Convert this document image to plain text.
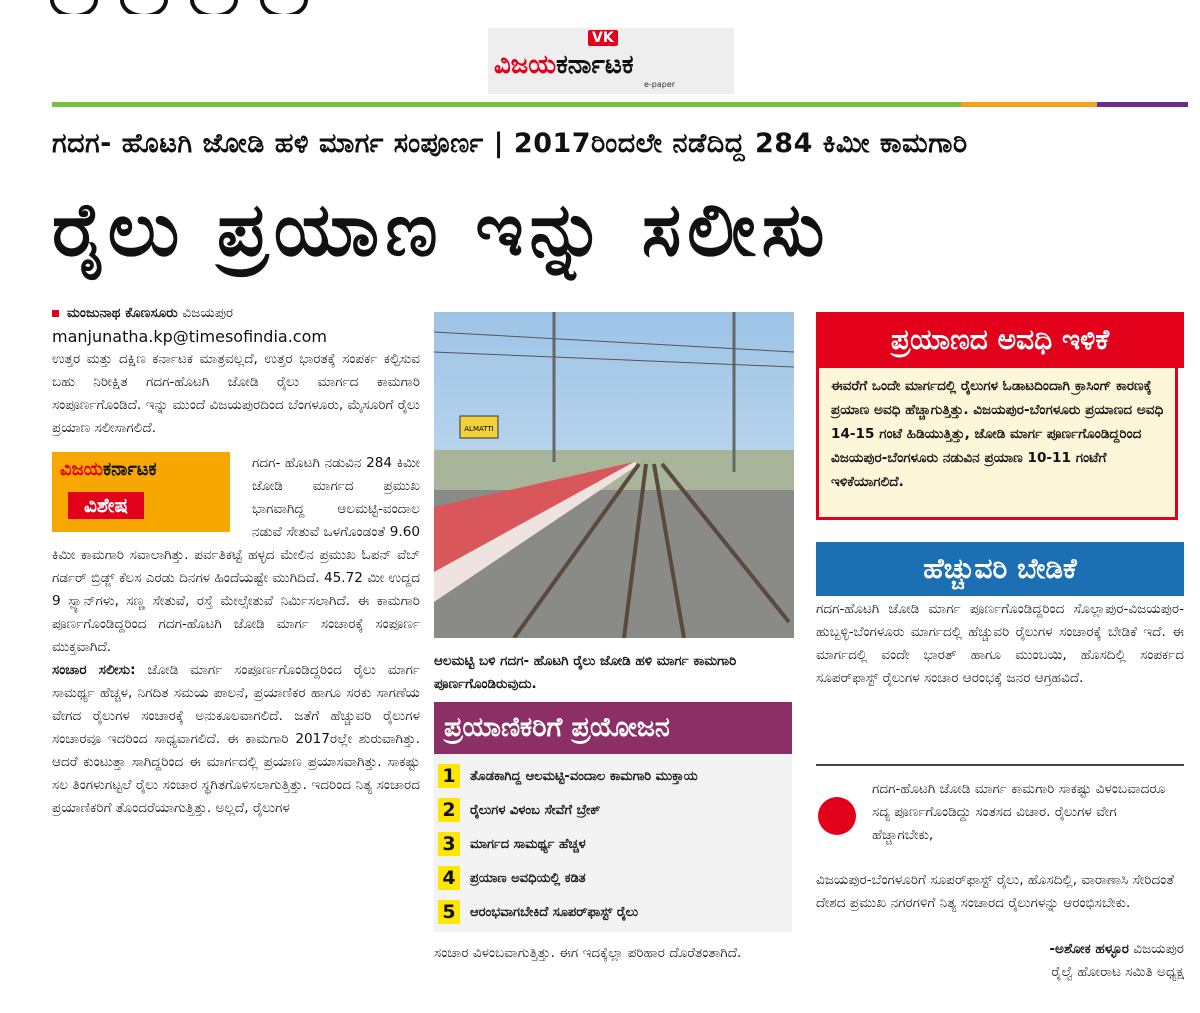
VK
ವಿಜಯಕರ್ನಾಟಕ
e-paper
ಗದಗ- ಹೊಟಗಿ ಜೋಡಿ ಹಳಿ ಮಾರ್ಗ ಸಂಪೂರ್ಣ | 2017ರಿಂದಲೇ ನಡೆದಿದ್ದ 284 ಕಿಮೀ ಕಾಮಗಾರಿ
ರೈಲು ಪ್ರಯಾಣ ಇನ್ನು ಸಲೀಸು
ಮಂಜುನಾಥ ಕೊಣಸೂರು ವಿಜಯಪುರ
manjunatha.kp@timesofindia.com

ಉತ್ತರ ಮತ್ತು ದಕ್ಷಿಣ ಕರ್ನಾಟಕ ಮಾತ್ರವಲ್ಲದೆ, ಉತ್ತರ ಭಾರತಕ್ಕೆ ಸಂಪರ್ಕ ಕಲ್ಪಿಸುವ ಬಹು ನಿರೀಕ್ಷಿತ ಗದಗ-ಹೊಟಗಿ ಜೋಡಿ ರೈಲು ಮಾರ್ಗದ ಕಾಮಗಾರಿ ಸಂಪೂರ್ಣಗೊಂಡಿದೆ. ಇನ್ನು ಮುಂದೆ ವಿಜಯಪುರದಿಂದ ಬೆಂಗಳೂರು, ಮೈಸೂರಿಗೆ ರೈಲು ಪ್ರಯಾಣ ಸಲೀಸಾಗಲಿದೆ.

ವಿಜಯಕರ್ನಾಟಕ
ವಿಶೇಷ

ಗದಗ- ಹೊಟಗಿ ನಡುವಿನ 284 ಕಿಮೀ ಜೋಡಿ ಮಾರ್ಗದ ಪ್ರಮುಖ ಭಾಗವಾಗಿದ್ದ ಆಲಮಟ್ಟಿ-ವಂದಾಲ ನಡುವೆ ಸೇತುವೆ ಒಳಗೊಂಡಂತೆ 9.60 ಕಿಮೀ ಕಾಮಗಾರಿ ಸವಾಲಾಗಿತ್ತು. ಪರ್ವತಿಕಟ್ಟೆ ಹಳ್ಳದ ಮೇಲಿನ ಪ್ರಮುಖ ಓಪನ್ ವೆಬ್ ಗರ್ಡರ್ ಬ್ರಿಡ್ಜ್ ಕೆಲಸ ಎರಡು ದಿನಗಳ ಹಿಂದೆಯಷ್ಟೇ ಮುಗಿದಿದೆ. 45.72 ಮೀ ಉದ್ದದ 9 ಸ್ಪ್ಯಾನ್‌ಗಳು, ಸಣ್ಣ ಸೇತುವೆ, ರಸ್ತೆ ಮೇಲ್ಸೇತುವೆ ನಿರ್ಮಿಸಲಾಗಿದೆ. ಈ ಕಾಮಗಾರಿ ಪೂರ್ಣಗೊಂಡಿದ್ದರಿಂದ ಗದಗ-ಹೊಟಗಿ ಜೋಡಿ ಮಾರ್ಗ ಸಂಚಾರಕ್ಕೆ ಸಂಪೂರ್ಣ ಮುಕ್ತವಾಗಿದೆ.

ಸಂಚಾರ ಸಲೀಸು: ಜೋಡಿ ಮಾರ್ಗ ಸಂಪೂರ್ಣಗೊಂಡಿದ್ದರಿಂದ ರೈಲು ಮಾರ್ಗ ಸಾಮರ್ಥ್ಯ ಹೆಚ್ಚಳ, ನಿಗದಿತ ಸಮಯ ಪಾಲನೆ, ಪ್ರಯಾಣಿಕರ ಹಾಗೂ ಸರಕು ಸಾಗಣೆಯ ವೇಗದ ರೈಲುಗಳ ಸಂಚಾರಕ್ಕೆ ಅನುಕೂಲವಾಗಲಿದೆ. ಜತೆಗೆ ಹೆಚ್ಚುವರಿ ರೈಲುಗಳ ಸಂಚಾರವೂ ಇದರಿಂದ ಸಾಧ್ಯವಾಗಲಿದೆ. ಈ ಕಾಮಗಾರಿ 2017ರಲ್ಲೇ ಶುರುವಾಗಿತ್ತು. ಆದರೆ ಕುಂಟುತ್ತಾ ಸಾಗಿದ್ದರಿಂದ ಈ ಮಾರ್ಗದಲ್ಲಿ ಪ್ರಯಾಣ ಪ್ರಯಾಸವಾಗಿತ್ತು. ಸಾಕಷ್ಟು ಸಲ ತಿಂಗಳುಗಟ್ಟಲೆ ರೈಲು ಸಂಚಾರ ಸ್ಥಗಿತಗೊಳಿಸಲಾಗುತ್ತಿತ್ತು. ಇದರಿಂದ ನಿತ್ಯ ಸಂಚಾರದ ಪ್ರಯಾಣಿಕರಿಗೆ ತೊಂದರೆಯಾಗುತ್ತಿತ್ತು. ಅಲ್ಲದೆ, ರೈಲುಗಳ

ALMATTI
ಆಲಮಟ್ಟಿ ಬಳಿ ಗದಗ- ಹೊಟಗಿ ರೈಲು ಜೋಡಿ ಹಳಿ ಮಾರ್ಗ ಕಾಮಗಾರಿ ಪೂರ್ಣಗೊಂಡಿರುವುದು.
ಪ್ರಯಾಣಿಕರಿಗೆ ಪ್ರಯೋಜನ
1	ತೊಡಕಾಗಿದ್ದ ಆಲಮಟ್ಟಿ-ವಂದಾಲ ಕಾಮಗಾರಿ ಮುಕ್ತಾಯ
2	ರೈಲುಗಳ ವಿಳಂಬ ಸೇವೆಗೆ ಬ್ರೇಕ್
3	ಮಾರ್ಗದ ಸಾಮರ್ಥ್ಯ ಹೆಚ್ಚಳ
4	ಪ್ರಯಾಣ ಅವಧಿಯಲ್ಲಿ ಕಡಿತ
5	ಆರಂಭವಾಗಬೇಕಿದೆ ಸೂಪರ್‌ಫಾಸ್ಟ್ ರೈಲು
ಸಂಚಾರ ವಿಳಂಬವಾಗುತ್ತಿತ್ತು. ಈಗ ಇದಕ್ಕೆಲ್ಲಾ ಪರಿಹಾರ ದೊರೆತಂತಾಗಿದೆ.
ಪ್ರಯಾಣದ ಅವಧಿ ಇಳಿಕೆ
ಈವರೆಗೆ ಒಂದೇ ಮಾರ್ಗದಲ್ಲಿ ರೈಲುಗಳ ಓಡಾಟದಿಂದಾಗಿ ಕ್ರಾಸಿಂಗ್ ಕಾರಣಕ್ಕೆ ಪ್ರಯಾಣ ಅವಧಿ ಹೆಚ್ಚಾಗುತ್ತಿತ್ತು. ವಿಜಯಪುರ-ಬೆಂಗಳೂರು ಪ್ರಯಾಣದ ಅವಧಿ 14-15 ಗಂಟೆ ಹಿಡಿಯುತ್ತಿತ್ತು, ಜೋಡಿ ಮಾರ್ಗ ಪೂರ್ಣಗೊಂಡಿದ್ದರಿಂದ ವಿಜಯಪುರ-ಬೆಂಗಳೂರು ನಡುವಿನ ಪ್ರಯಾಣ 10-11 ಗಂಟೆಗೆ ಇಳಿಕೆಯಾಗಲಿದೆ.
ಹೆಚ್ಚುವರಿ ಬೇಡಿಕೆ
ಗದಗ-ಹೊಟಗಿ ಜೋಡಿ ಮಾರ್ಗ ಪೂರ್ಣಗೊಂಡಿದ್ದರಿಂದ ಸೊಲ್ಲಾಪುರ-ವಿಜಯಪುರ-ಹುಬ್ಬಳ್ಳಿ-ಬೆಂಗಳೂರು ಮಾರ್ಗದಲ್ಲಿ ಹೆಚ್ಚುವರಿ ರೈಲುಗಳ ಸಂಚಾರಕ್ಕೆ ಬೇಡಿಕೆ ಇದೆ. ಈ ಮಾರ್ಗದಲ್ಲಿ ವಂದೇ ಭಾರತ್ ಹಾಗೂ ಮುಂಬಯಿ, ಹೊಸದಿಲ್ಲಿ ಸಂಪರ್ಕದ ಸೂಪರ್‌ಫಾಸ್ಟ್ ರೈಲುಗಳ ಸಂಚಾರ ಆರಂಭಕ್ಕೆ ಜನರ ಆಗ್ರಹವಿದೆ.
ಗದಗ-ಹೊಟಗಿ ಜೋಡಿ ಮಾರ್ಗ ಕಾಮಗಾರಿ ಸಾಕಷ್ಟು ವಿಳಂಬವಾದರೂ ಸದ್ಯ ಪೂರ್ಣಗೊಂಡಿದ್ದು ಸಂತಸದ ವಿಚಾರ. ರೈಲುಗಳ ವೇಗ ಹೆಚ್ಚಾಗಬೇಕು,
ವಿಜಯಪುರ-ಬೆಂಗಳೂರಿಗೆ ಸೂಪರ್‌ಫಾಸ್ಟ್ ರೈಲು, ಹೊಸದಿಲ್ಲಿ, ವಾರಾಣಾಸಿ ಸೇರಿದಂತೆ ದೇಶದ ಪ್ರಮುಖ ನಗರಗಳಿಗೆ ನಿತ್ಯ ಸಂಚಾರದ ರೈಲುಗಳನ್ನು ಆರಂಭಿಸಬೇಕು.
-ಅಶೋಕ ಹಳ್ಳೂರ ವಿಜಯಪುರ
ರೈಲ್ವೆ ಹೋರಾಟ ಸಮಿತಿ ಅಧ್ಯಕ್ಷ
